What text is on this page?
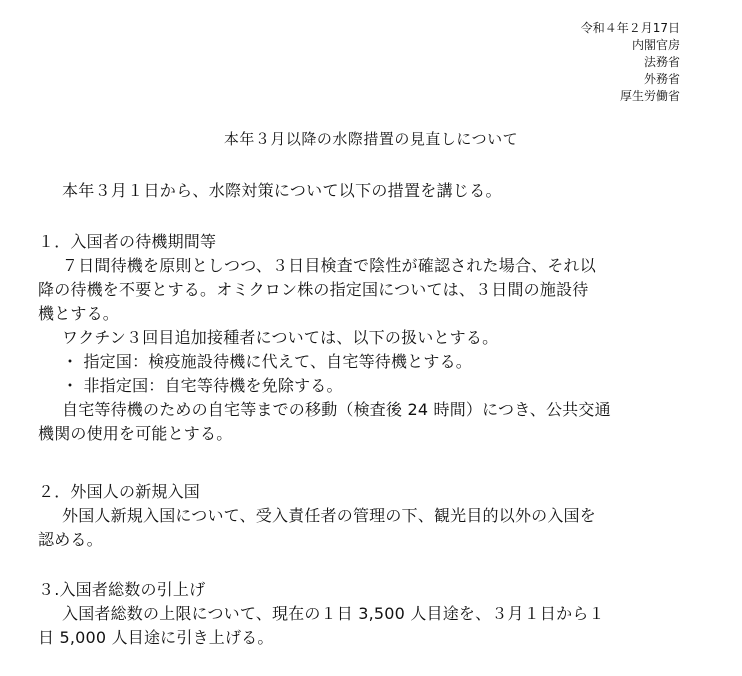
令和４年２月17日
内閣官房
法務省
外務省
厚生労働省
本年３月以降の水際措置の見直しについて
本年３月１日から、水際対策について以下の措置を講じる。
１．入国者の待機期間等
７日間待機を原則としつつ、３日目検査で陰性が確認された場合、それ以
降の待機を不要とする。オミクロン株の指定国については、３日間の施設待
機とする。
ワクチン３回目追加接種者については、以下の扱いとする。
・ 指定国：検疫施設待機に代えて、自宅等待機とする。
・ 非指定国：自宅等待機を免除する。
自宅等待機のための自宅等までの移動（検査後 24 時間）につき、公共交通
機関の使用を可能とする。
２．外国人の新規入国
外国人新規入国について、受入責任者の管理の下、観光目的以外の入国を
認める。
３.入国者総数の引上げ
入国者総数の上限について、現在の１日 3,500 人目途を、３月１日から１
日 5,000 人目途に引き上げる。
